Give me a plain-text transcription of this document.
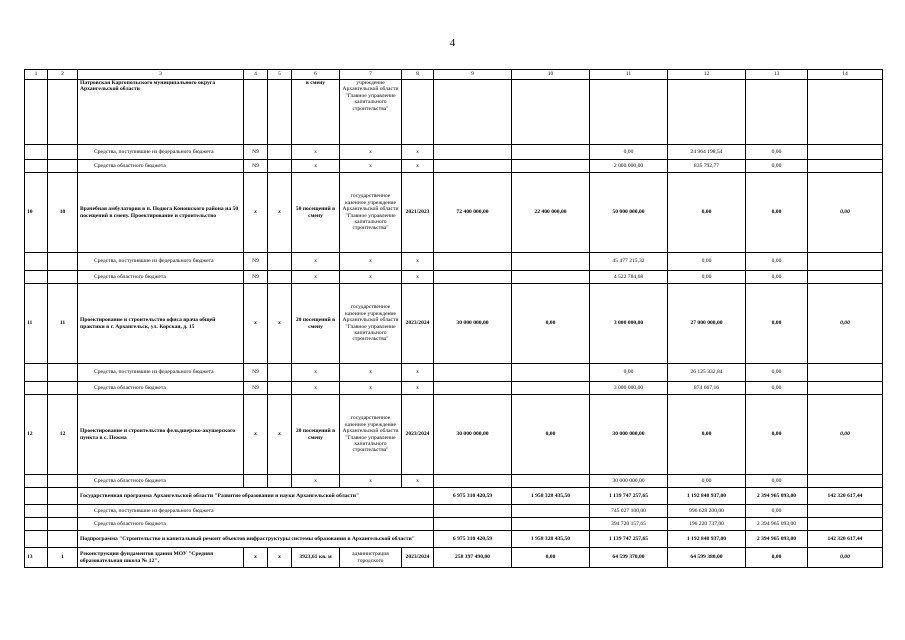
4
1	2	3	4	5	6	7	8	9	10	11	12	13	14
		Патровская Каргопольского муниципального округа Архангельской области			в смену	учреждение Архангельской области "Главное управление капитального строительства"							
		Средства, поступившие из федерального бюджета	N9		х	х	х			0,00	24 964 198,54	0,00	
		Средства областного бюджета	N9		х	х	х			2 000 000,00	835 792,77	0,00	
10	10	Врачебная амбулатория в п. Подюга Коношского района на 50 посещений в смену. Проектирование и строительство	х	х	50 посещений в смену	государственное казенное учреждение Архангельской области "Главное управление капитального строительства"	2021/2023	72 400 000,00	22 400 000,00	50 000 000,00	0,00	0,00	0,00
		Средства, поступившие из федерального бюджета	N9		х	х	х			45 477 215,32	0,00	0,00	
		Средства областного бюджета	N9		х	х	х			4 522 784,68	0,00	0,00	
11	11	Проектирование и строительство офиса врача общей практики в г. Архангельск, ул. Корская, д. 15	х	х	20 посещений в смену	государственное казенное учреждение Архангельской области "Главное управление капитального строительства"	2023/2024	30 000 000,00	0,00	3 000 000,00	27 000 000,00	0,00	0,00
		Средства, поступившие из федерального бюджета	N9		х	х	х			0,00	26 125 332,84	0,00	
		Средства областного бюджета	N9		х	х	х			3 000 000,00	874 667,16	0,00	
12	12	Проектирование и строительство фельдшерско-акушерского пункта в с. Пежма	х	х	20 посещений в смену	государственное казенное учреждение Архангельской области "Главное управление капитального строительства"	2023/2024	30 000 000,00	0,00	30 000 000,00	0,00	0,00	0,00
		Средства областного бюджета			х	х	х			30 000 000,00	0,00	0,00	
		Государственная программа Архангельской области "Развитие образования и науки Архангельской области"						6 975 310 420,59	1 958 328 435,50	1 139 747 257,65	1 192 848 937,00	2 394 965 093,00	142 320 617,44
		Средства, поступившие из федерального бюджета								745 027 100,00	996 628 200,00	0,00	
		Средства областного бюджета								394 720 157,65	196 220 737,00	2 394 965 093,00	
		Подпрограмма "Строительство и капитальный ремонт объектов инфраструктуры системы образования в Архангельской области"						6 975 310 420,59	1 958 328 435,50	1 139 747 257,65	1 192 848 937,00	2 394 965 093,00	142 320 617,44
13	1	Реконструкция фундаментов здания МОУ "Средняя образовательная школа № 12",	х	х	3923,61 кв. м	администрация городского	2023/2024	258 397 490,00	0,00	64 599 370,00	64 599 380,00	0,00	0,00
